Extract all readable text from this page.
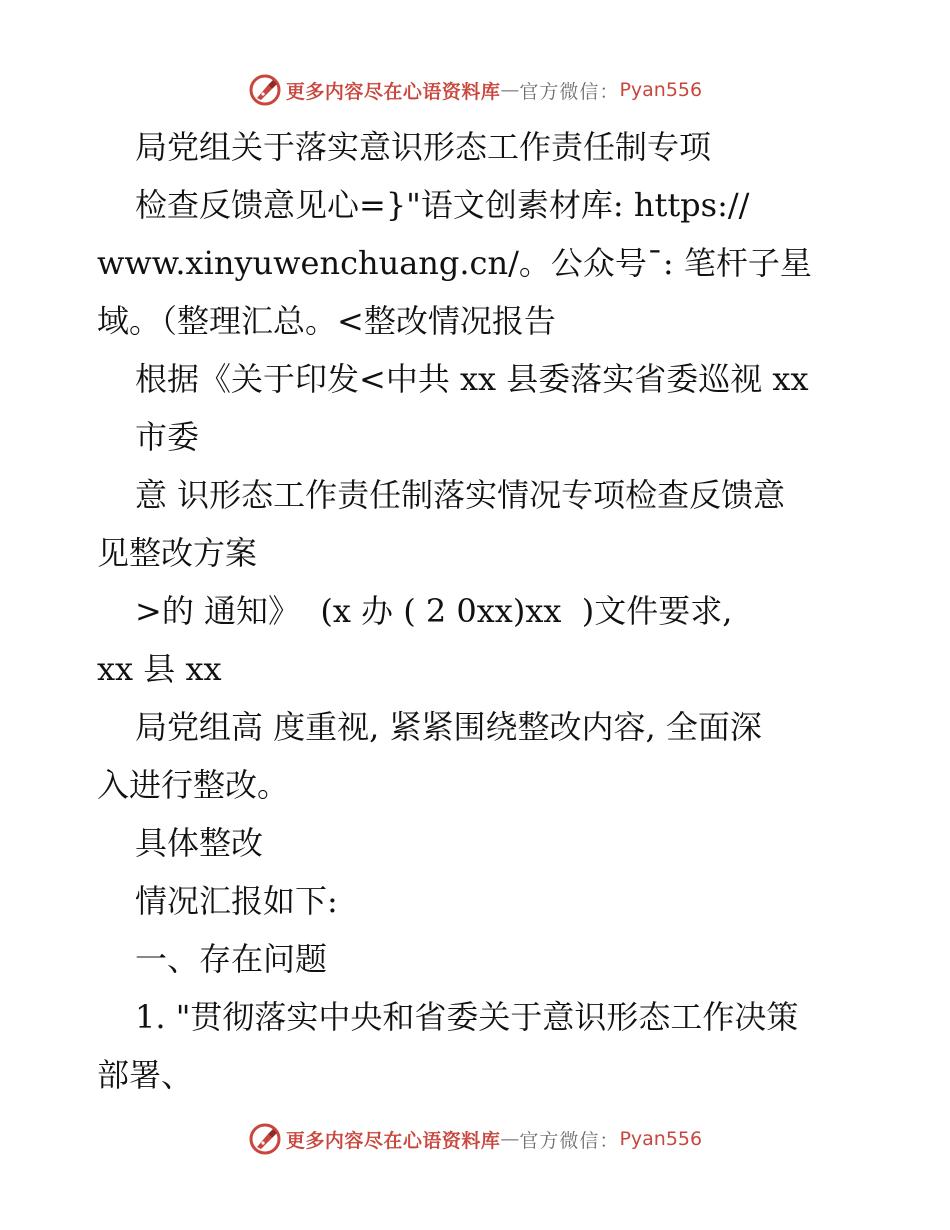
更多内容尽在心语资料库 — 官方微信： Pyan556
局党组关于落实意识形态工作责任制专项
检查反馈意见心=}"语文创素材库: https://
www.xinyuwenchuang.cn/。公众号¯: 笔杆子星
域。（整理汇总。<整改情况报告
根据《关于印发<中共 xx 县委落实省委巡视 xx
市委
意 识形态工作责任制落实情况专项检查反馈意
见整改方案
>的 通知》  (x 办 ( 2 0xx)xx  )文件要求,
xx 县 xx
局党组高 度重视, 紧紧围绕整改内容, 全面深
入进行整改。
具体整改
情况汇报如下:
一、存在问题
1. "贯彻落实中央和省委关于意识形态工作决策
部署、
更多内容尽在心语资料库 — 官方微信： Pyan556
